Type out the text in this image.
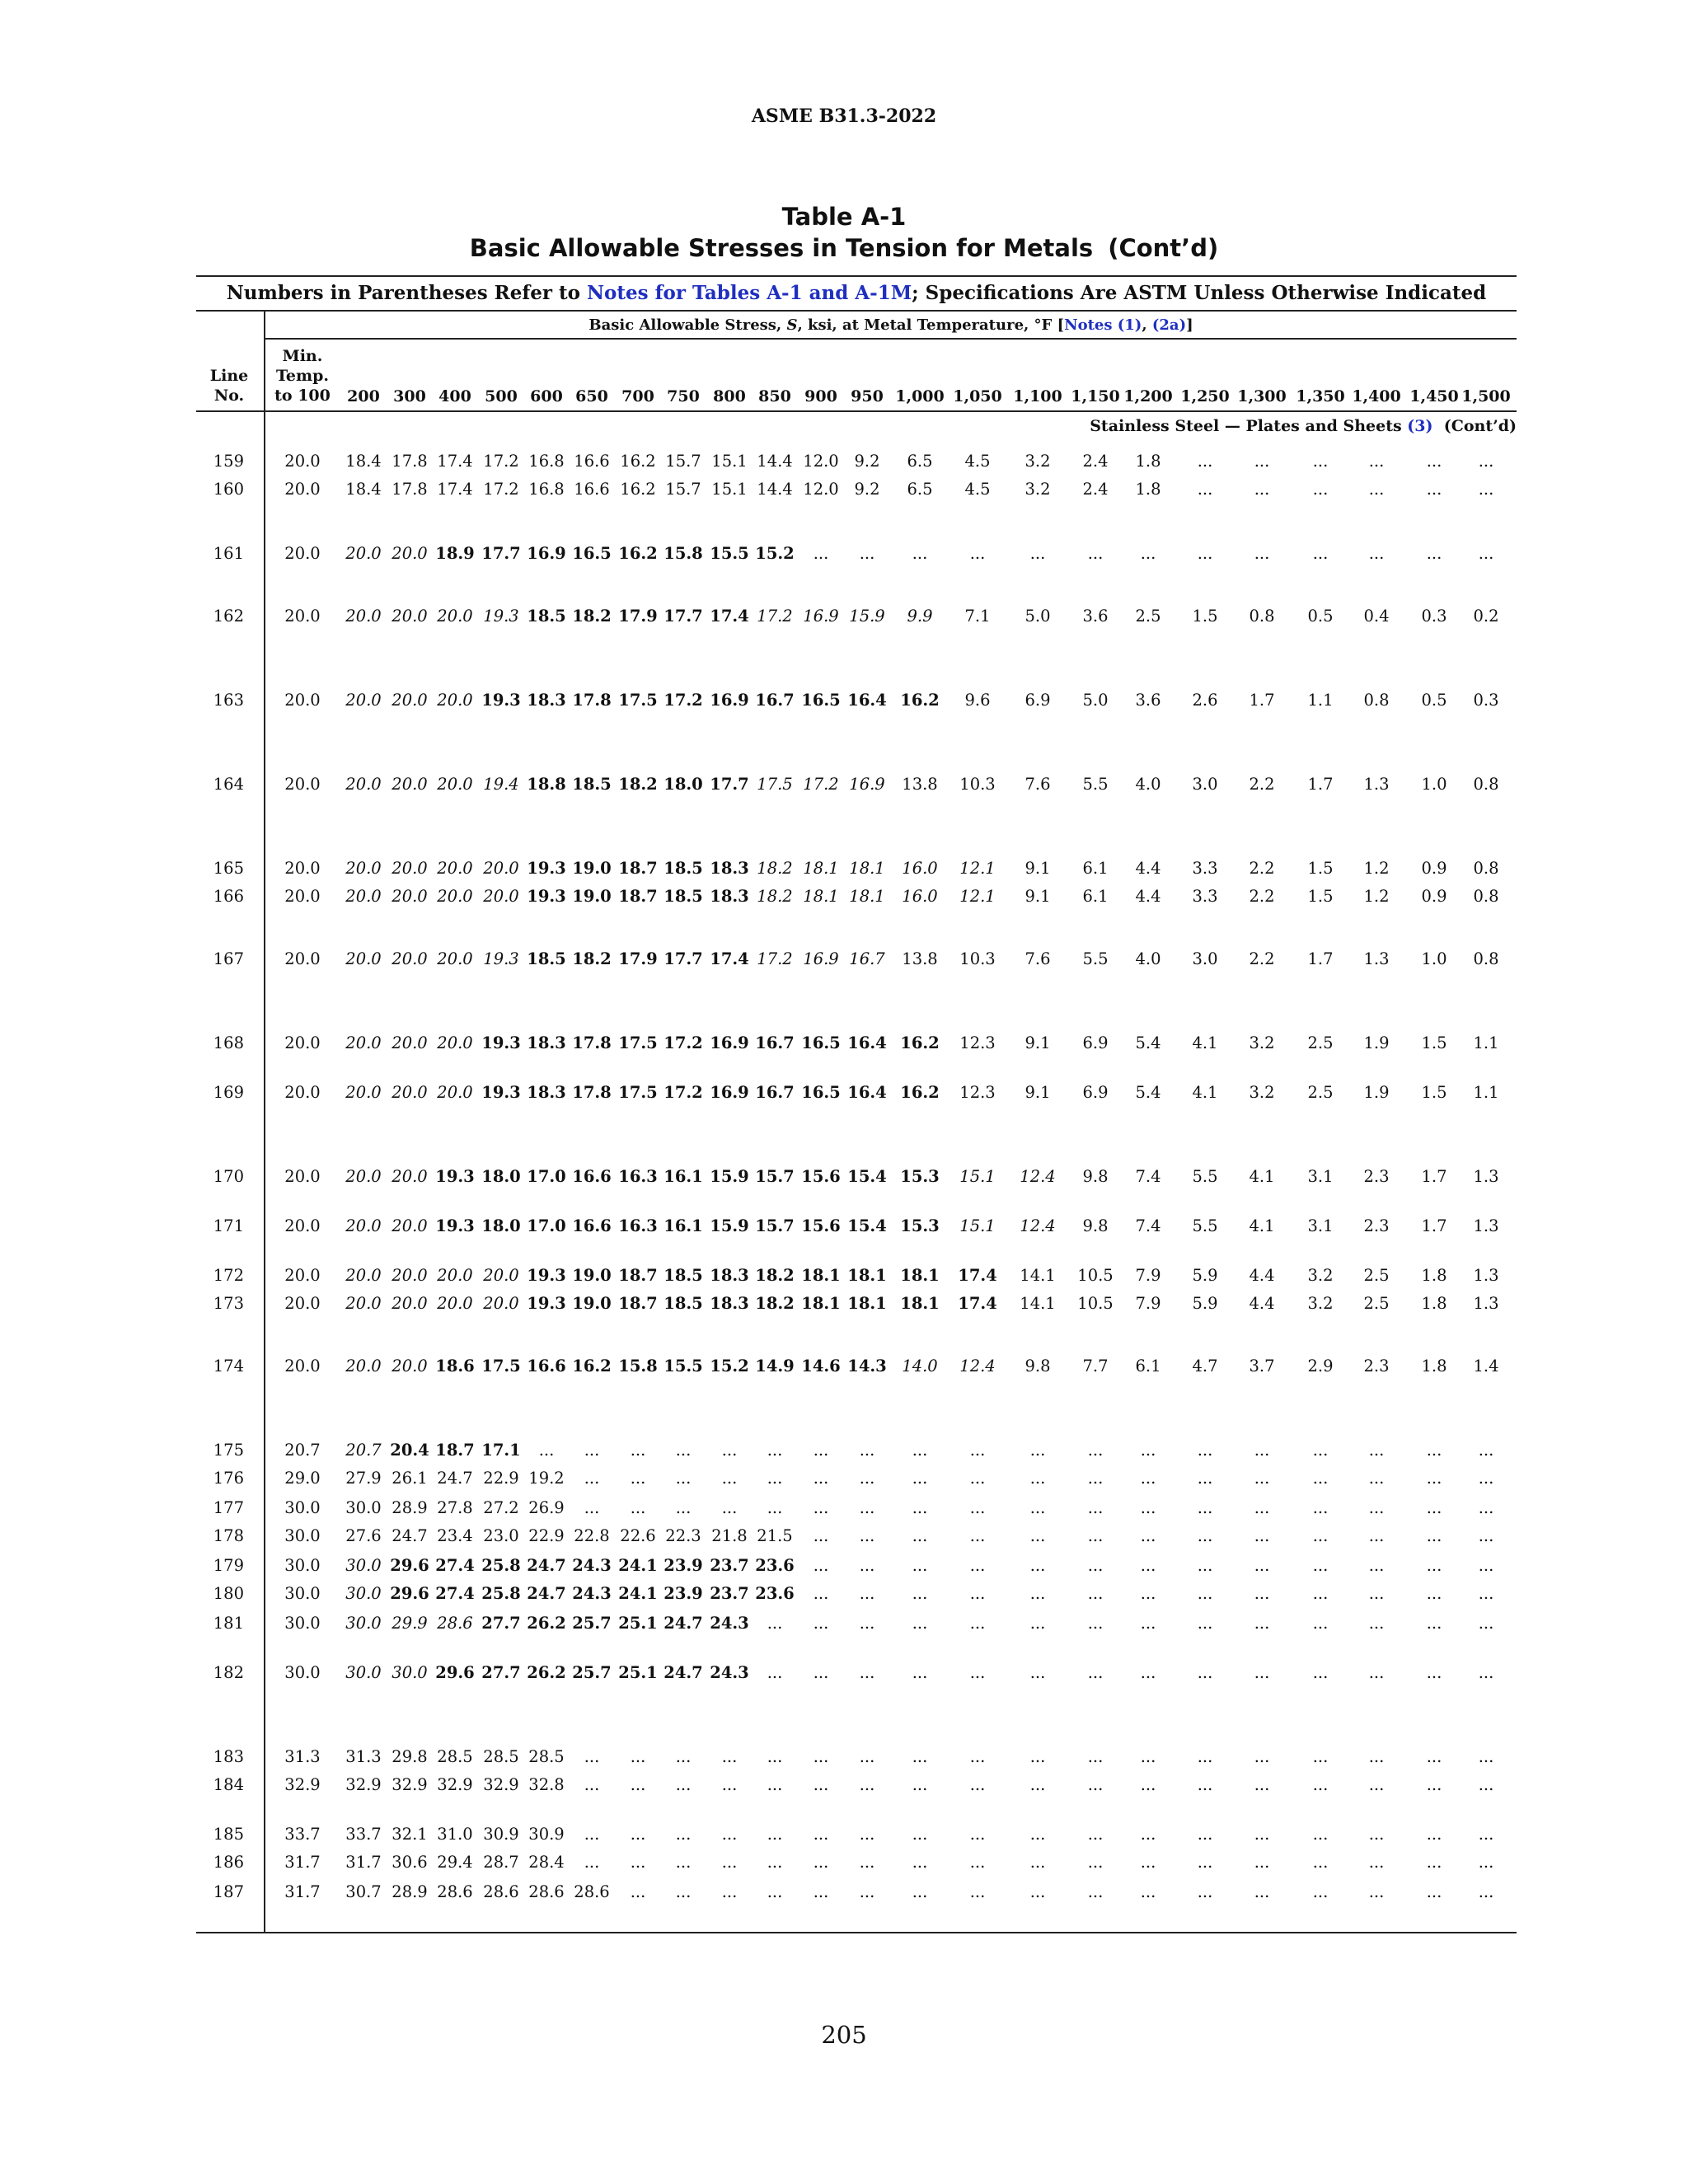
ASME B31.3-2022
Table A-1
Basic Allowable Stresses in Tension for Metals (Cont’d)
Numbers in Parentheses Refer to Notes for Tables A-1 and A-1M; Specifications Are ASTM Unless Otherwise Indicated
Basic Allowable Stress, S, ksi, at Metal Temperature, °F [Notes (1), (2a)]
Line
No.
Min.
Temp.
to 100	200 300 400 500 600 650 700 750 800 850 900 950 1,000 1,050 1,100 1,150 1,200 1,250 1,300 1,350 1,400 1,450 1,500
Stainless Steel — Plates and Sheets (3) (Cont’d)
159	20.0	18.4 17.8 17.4 17.2 16.8 16.6 16.2 15.7 15.1 14.4 12.0 9.2	6.5	4.5	3.2	2.4	1.8	...	...	...	...	...	...
160	20.0	18.4 17.8 17.4 17.2 16.8 16.6 16.2 15.7 15.1 14.4 12.0 9.2	6.5	4.5	3.2	2.4	1.8	...	...	...	...	...	...
161	20.0	20.0 20.0 18.9 17.7 16.9 16.5 16.2 15.8 15.5 15.2	...	...	...	...	...	...	...	...	...	...	...	...	...
162	20.0	20.0 20.0 20.0 19.3 18.5 18.2 17.9 17.7 17.4 17.2 16.9 15.9	9.9	7.1	5.0	3.6	2.5	1.5	0.8	0.5	0.4	0.3	0.2
163	20.0	20.0 20.0 20.0 19.3 18.3 17.8 17.5 17.2 16.9 16.7 16.5 16.4 16.2	9.6	6.9	5.0	3.6	2.6	1.7	1.1	0.8	0.5	0.3
164	20.0	20.0 20.0 20.0 19.4 18.8 18.5 18.2 18.0 17.7 17.5 17.2 16.9	13.8	10.3	7.6	5.5	4.0	3.0	2.2	1.7	1.3	1.0	0.8
165	20.0	20.0 20.0 20.0 20.0 19.3 19.0 18.7 18.5 18.3 18.2 18.1 18.1	16.0	12.1	9.1	6.1	4.4	3.3	2.2	1.5	1.2	0.9	0.8
166	20.0	20.0 20.0 20.0 20.0 19.3 19.0 18.7 18.5 18.3 18.2 18.1 18.1	16.0	12.1	9.1	6.1	4.4	3.3	2.2	1.5	1.2	0.9	0.8
167	20.0	20.0 20.0 20.0 19.3 18.5 18.2 17.9 17.7 17.4 17.2 16.9 16.7	13.8	10.3	7.6	5.5	4.0	3.0	2.2	1.7	1.3	1.0	0.8
168	20.0	20.0 20.0 20.0 19.3 18.3 17.8 17.5 17.2 16.9 16.7 16.5 16.4 16.2	12.3	9.1	6.9	5.4	4.1	3.2	2.5	1.9	1.5	1.1
169	20.0	20.0 20.0 20.0 19.3 18.3 17.8 17.5 17.2 16.9 16.7 16.5 16.4 16.2	12.3	9.1	6.9	5.4	4.1	3.2	2.5	1.9	1.5	1.1
170	20.0	20.0 20.0 19.3 18.0 17.0 16.6 16.3 16.1 15.9 15.7 15.6 15.4 15.3	15.1	12.4	9.8	7.4	5.5	4.1	3.1	2.3	1.7	1.3
171	20.0	20.0 20.0 19.3 18.0 17.0 16.6 16.3 16.1 15.9 15.7 15.6 15.4 15.3	15.1	12.4	9.8	7.4	5.5	4.1	3.1	2.3	1.7	1.3
172	20.0	20.0 20.0 20.0 20.0 19.3 19.0 18.7 18.5 18.3 18.2 18.1 18.1 18.1	17.4	14.1	10.5	7.9	5.9	4.4	3.2	2.5	1.8	1.3
173	20.0	20.0 20.0 20.0 20.0 19.3 19.0 18.7 18.5 18.3 18.2 18.1 18.1 18.1	17.4	14.1	10.5	7.9	5.9	4.4	3.2	2.5	1.8	1.3
174	20.0	20.0 20.0 18.6 17.5 16.6 16.2 15.8 15.5 15.2 14.9 14.6 14.3 14.0	12.4	9.8	7.7	6.1	4.7	3.7	2.9	2.3	1.8	1.4
175	20.7	20.7 20.4 18.7 17.1	...	...	...	...	...	...	...	...	...	...	...	...	...	...	...	...	...	...	...
176	29.0	27.9 26.1 24.7 22.9 19.2	...	...	...	...	...	...	...	...	...	...	...	...	...	...	...	...	...	...
177	30.0	30.0 28.9 27.8 27.2 26.9	...	...	...	...	...	...	...	...	...	...	...	...	...	...	...	...	...	...
178	30.0	27.6 24.7 23.4 23.0 22.9 22.8 22.6 22.3 21.8 21.5	...	...	...	...	...	...	...	...	...	...	...	...	...
179	30.0	30.0 29.6 27.4 25.8 24.7 24.3 24.1 23.9 23.7 23.6	...	...	...	...	...	...	...	...	...	...	...	...	...
180	30.0	30.0 29.6 27.4 25.8 24.7 24.3 24.1 23.9 23.7 23.6	...	...	...	...	...	...	...	...	...	...	...	...	...
181	30.0	30.0 29.9 28.6 27.7 26.2 25.7 25.1 24.7 24.3	...	...	...	...	...	...	...	...	...	...	...	...	...	...
182	30.0	30.0 30.0 29.6 27.7 26.2 25.7 25.1 24.7 24.3	...	...	...	...	...	...	...	...	...	...	...	...	...	...
183	31.3	31.3 29.8 28.5 28.5 28.5	...	...	...	...	...	...	...	...	...	...	...	...	...	...	...	...	...	...
184	32.9	32.9 32.9 32.9 32.9 32.8	...	...	...	...	...	...	...	...	...	...	...	...	...	...	...	...	...	...
185	33.7	33.7 32.1 31.0 30.9 30.9	...	...	...	...	...	...	...	...	...	...	...	...	...	...	...	...	...	...
186	31.7	31.7 30.6 29.4 28.7 28.4	...	...	...	...	...	...	...	...	...	...	...	...	...	...	...	...	...	...
187	31.7	30.7 28.9 28.6 28.6 28.6 28.6	...	...	...	...	...	...	...	...	...	...	...	...	...	...	...	...	...
205
